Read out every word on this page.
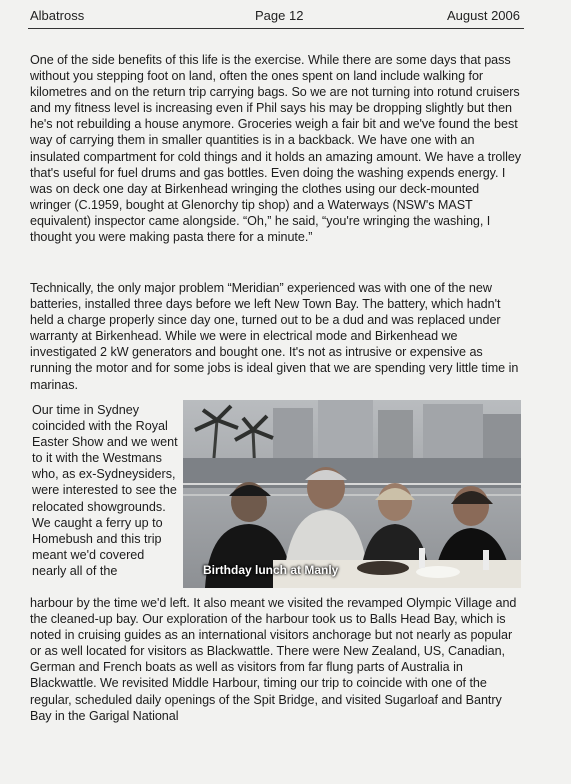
Albatross	Page 12	August 2006

One of the side benefits of this life is the exercise. While there are some days that pass without you stepping foot on land, often the ones spent on land include walking for kilometres and on the return trip carrying bags. So we are not turning into rotund cruisers and my fitness level is increasing even if Phil says his may be dropping slightly but then he's not rebuilding a house anymore. Groceries weigh a fair bit and we've found the best way of carrying them in smaller quantities is in a backback. We have one with an insulated compartment for cold things and it holds an amazing amount. We have a trolley that's useful for fuel drums and gas bottles. Even doing the washing expends energy. I was on deck one day at Birkenhead wringing the clothes using our deck-mounted wringer (C.1959, bought at Glenorchy tip shop) and a Waterways (NSW's MAST equivalent) inspector came alongside. “Oh,” he said, “you're wringing the washing, I thought you were making pasta there for a minute.”

Technically, the only major problem “Meridian” experienced was with one of the new batteries, installed three days before we left New Town Bay. The battery, which hadn't held a charge properly since day one, turned out to be a dud and was replaced under warranty at Birkenhead. While we were in electrical mode and Birkenhead we investigated 2 kW generators and bought one. It's not as intrusive or expensive as running the motor and for some jobs is ideal given that we are spending very little time in marinas.

Our time in Sydney coincided with the Royal Easter Show and we went to it with the Westmans who, as ex-Sydneysiders, were interested to see the relocated showgrounds. We caught a ferry up to Homebush and this trip meant we'd covered nearly all of the	Birthday lunch at Manly

harbour by the time we'd left. It also meant we visited the revamped Olympic Village and the cleaned-up bay. Our exploration of the harbour took us to Balls Head Bay, which is noted in cruising guides as an international visitors anchorage but not nearly as popular or as well located for visitors as Blackwattle. There were New Zealand, US, Canadian, German and French boats as well as visitors from far flung parts of Australia in Blackwattle. We revisited Middle Harbour, timing our trip to coincide with one of the regular, scheduled daily openings of the Spit Bridge, and visited Sugarloaf and Bantry Bay in the Garigal National
